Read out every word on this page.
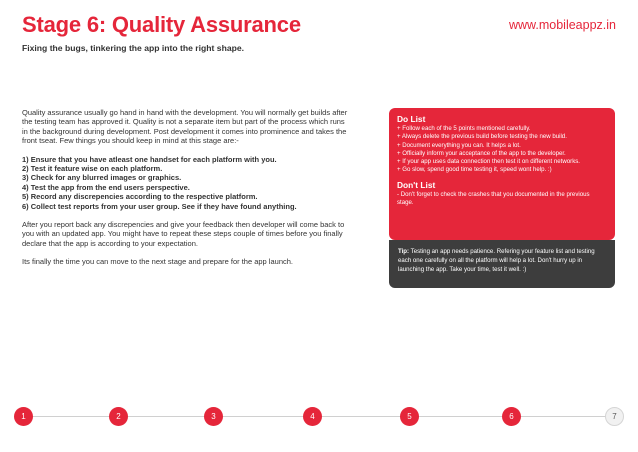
Stage 6: Quality Assurance	www.mobileappz.in
Fixing the bugs, tinkering the app into the right shape.

Quality assurance usually go hand in hand with the development. You will normally get builds after the testing team has approved it. Quality is not a separate item but part of the process which runs in the background during development. Post development it comes into prominence and takes the front tseat. Few things you should keep in mind at this stage are:-

1) Ensure that you have atleast one handset for each platform with you.
2) Test it feature wise on each platform.
3) Check for any blurred images or graphics.
4) Test the app from the end users perspective.
5) Record any discrepencies according to the respective platform.
6) Collect test reports from your user group. See if they have found anything.

After you report back any discrepencies and give your feedback then developer will come back to you with an updated app. You might have to repeat these steps couple of times before you finally declare that the app is according to your expectation.

Its finally the time you can move to the next stage and prepare for the app launch.

Do List
+ Follow each of the 5 points mentioned carefully.
+ Always delete the previous build before testing the new build.
+ Document everything you can. It helps a lot.
+ Officially inform your acceptance of the app to the developer.
+ If your app uses data connection then test it on different networks.
+ Go slow, spend good time testing it, speed wont help. :)
Don't List

- Don't forget to check the crashes that you documented in the previous stage.

Tip: Testing an app needs patience. Refering your feature list and testing each one carefully on all the platform will help a lot. Don't hurry up in launching the app. Take your time, test it well. :)
1	2	3	4	5	6	7
